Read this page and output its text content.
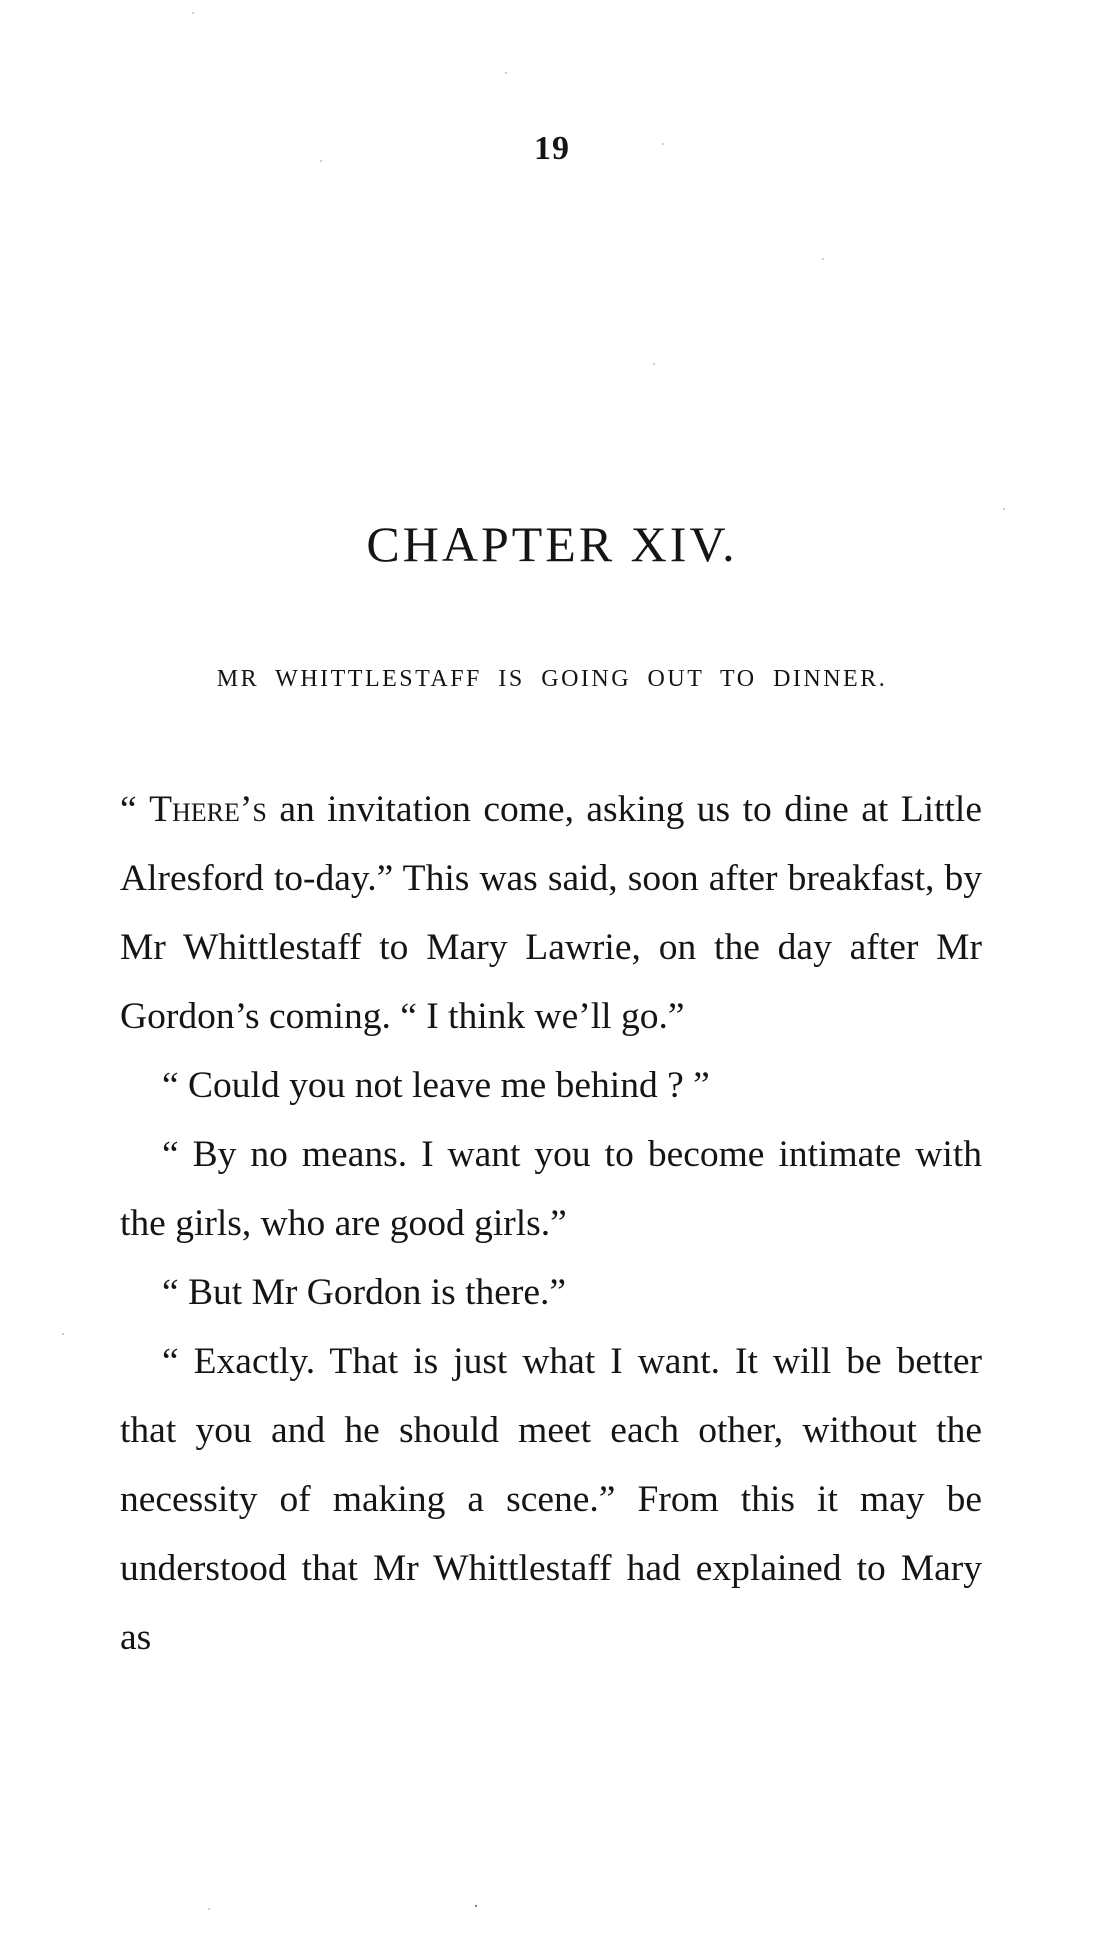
19
CHAPTER XIV.
MR WHITTLESTAFF IS GOING OUT TO DINNER.

“ There’s an invitation come, asking us to dine at Little Alresford to-day.” This was said, soon after breakfast, by Mr Whittlestaff to Mary Lawrie, on the day after Mr Gordon’s coming. “ I think we’ll go.”

“ Could you not leave me behind ? ”

“ By no means. I want you to become intimate with the girls, who are good girls.”

“ But Mr Gordon is there.”

“ Exactly. That is just what I want. It will be better that you and he should meet each other, without the necessity of making a scene.” From this it may be understood that Mr Whittlestaff had explained to Mary as
